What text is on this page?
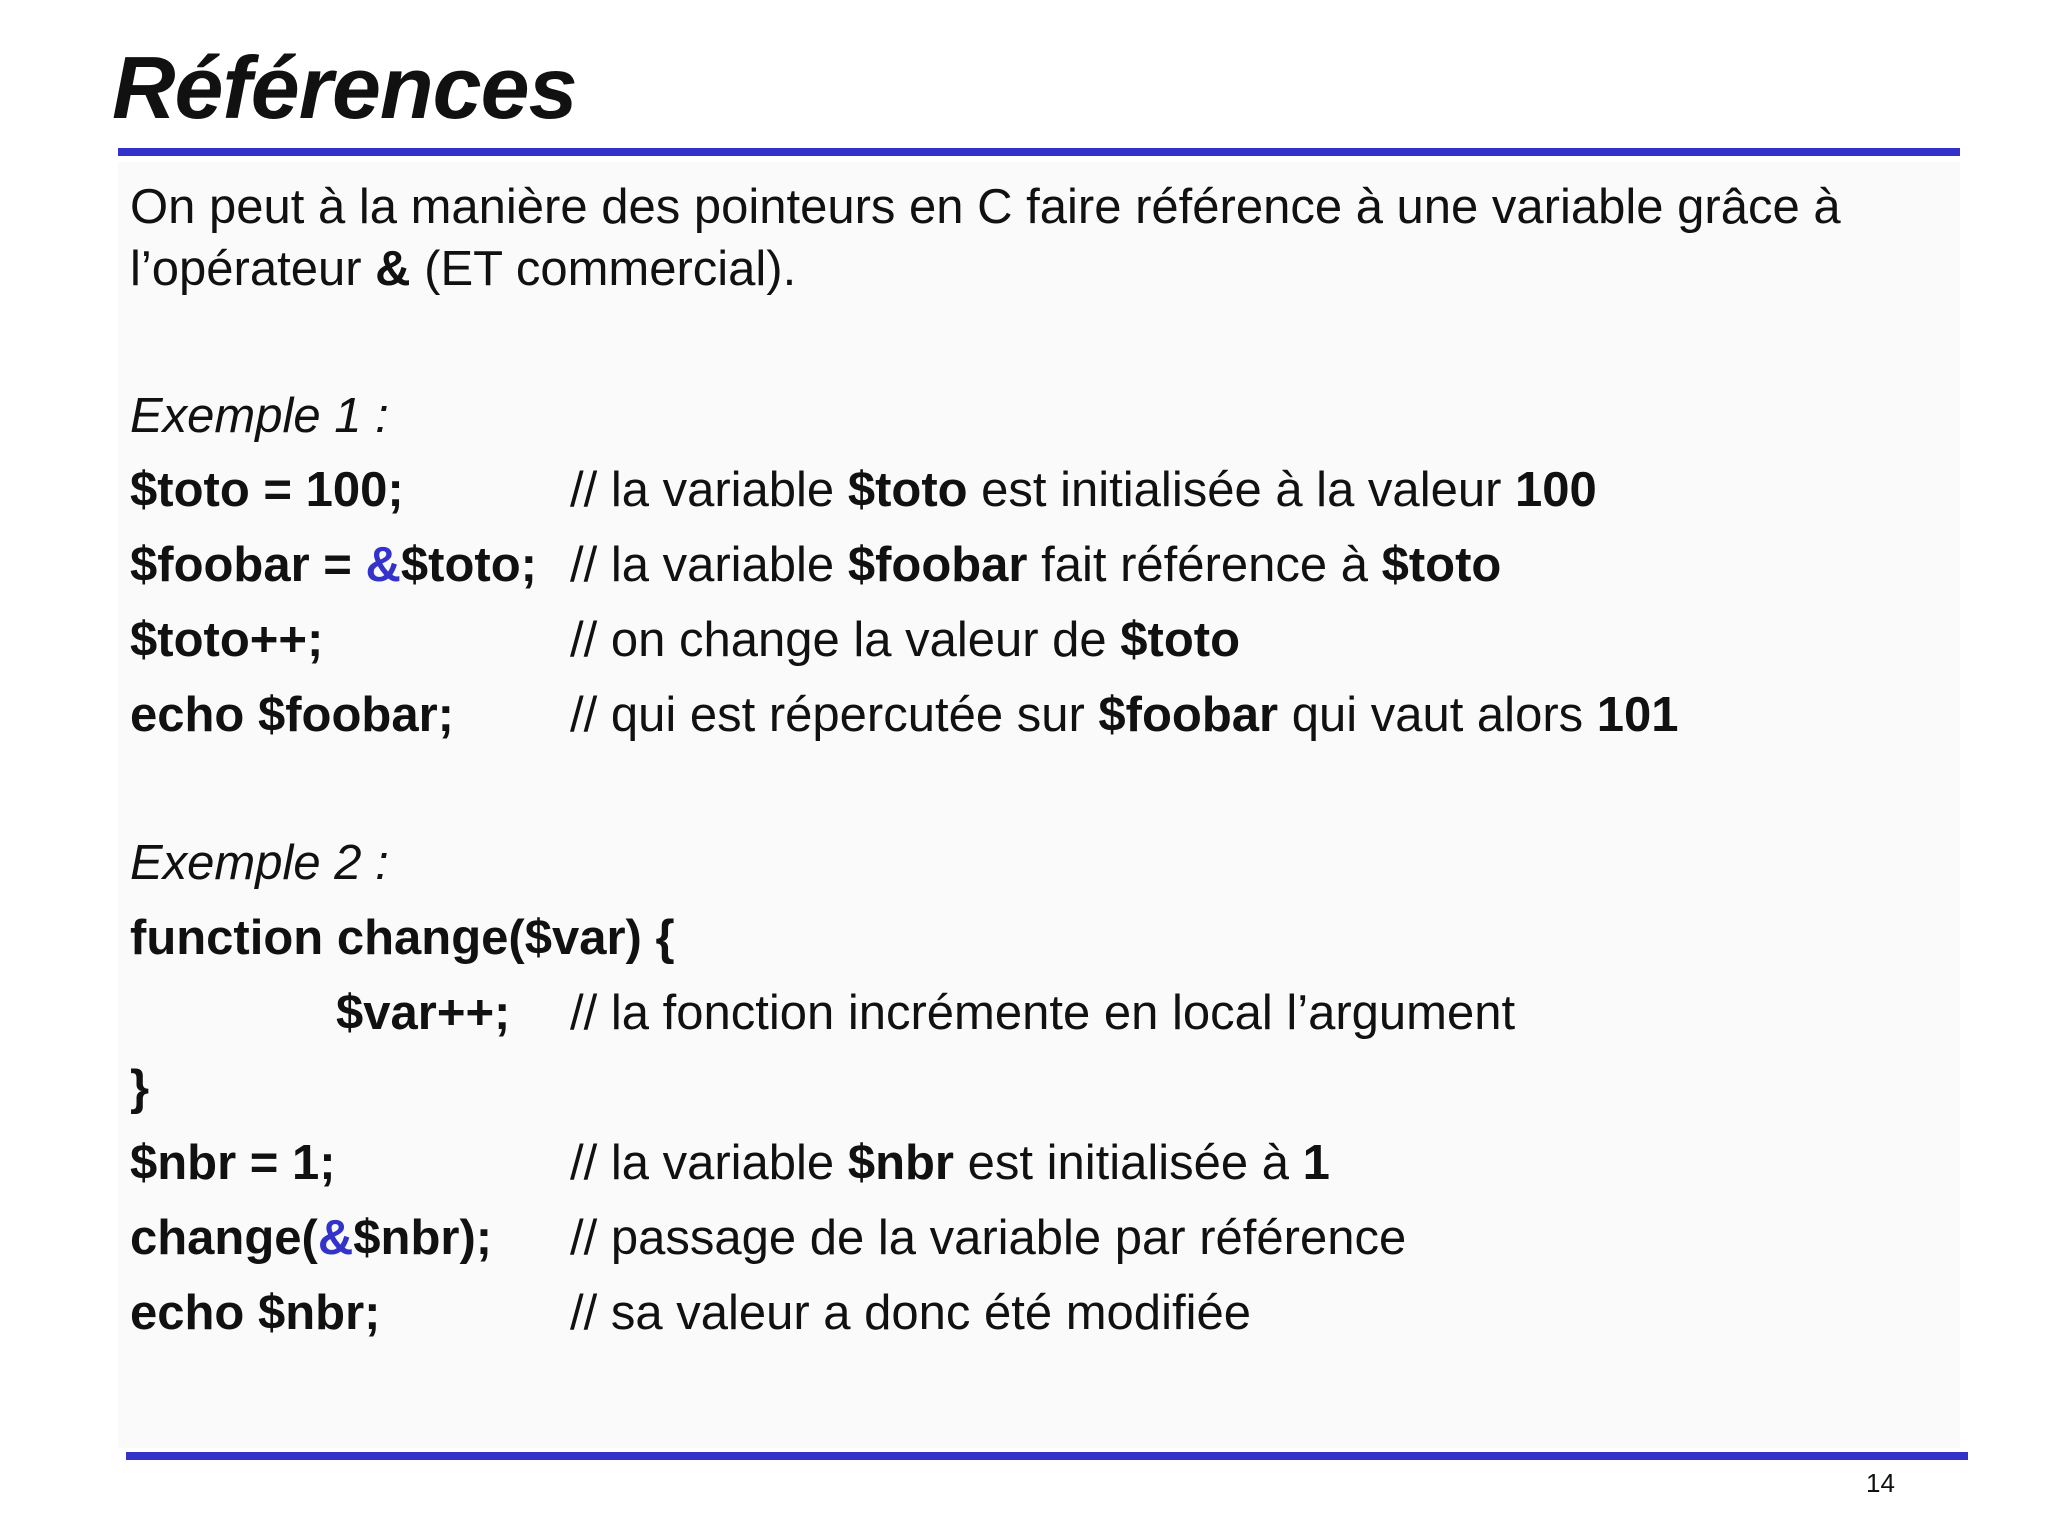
Références
On peut à la manière des pointeurs en C faire référence à une variable grâce à l’opérateur & (ET commercial).
Exemple 1 :
$toto = 100;	// la variable $toto est initialisée à la valeur 100
$foobar = &$toto; // la variable $foobar fait référence à $toto
$toto++;	// on change la valeur de $toto
echo $foobar; // qui est répercutée sur $foobar qui vaut alors 101
Exemple 2 :
function change($var) {
$var++; // la fonction incrémente en local l’argument
}
$nbr = 1;	// la variable $nbr est initialisée à 1
change(&$nbr); // passage de la variable par référence
echo $nbr;	// sa valeur a donc été modifiée
14
